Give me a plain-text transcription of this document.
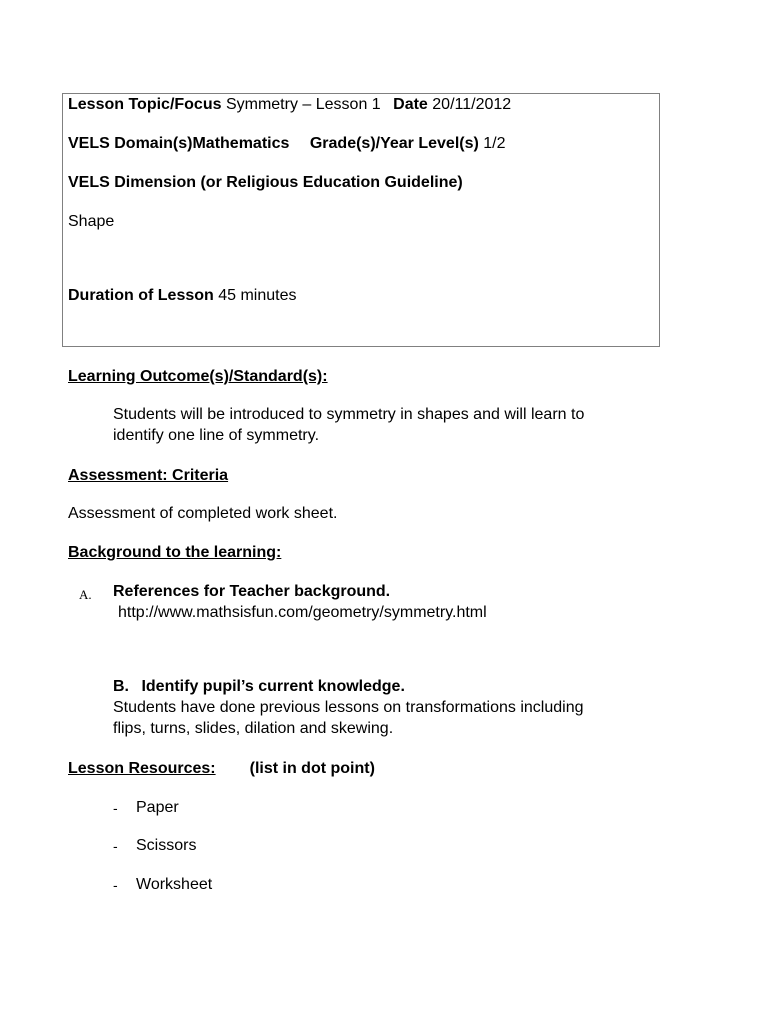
Lesson Topic/Focus Symmetry – Lesson 1 Date 20/11/2012
VELS Domain(s)Mathematics Grade(s)/Year Level(s) 1/2
VELS Dimension (or Religious Education Guideline)
Shape
Duration of Lesson 45 minutes
Learning Outcome(s)/Standard(s):
Students will be introduced to symmetry in shapes and will learn to
identify one line of symmetry.
Assessment: Criteria
Assessment of completed work sheet.
Background to the learning:
A. References for Teacher background.
http://www.mathsisfun.com/geometry/symmetry.html
B. Identify pupil’s current knowledge.
Students have done previous lessons on transformations including
flips, turns, slides, dilation and skewing.
Lesson Resources: (list in dot point)
- Paper
- Scissors
- Worksheet
